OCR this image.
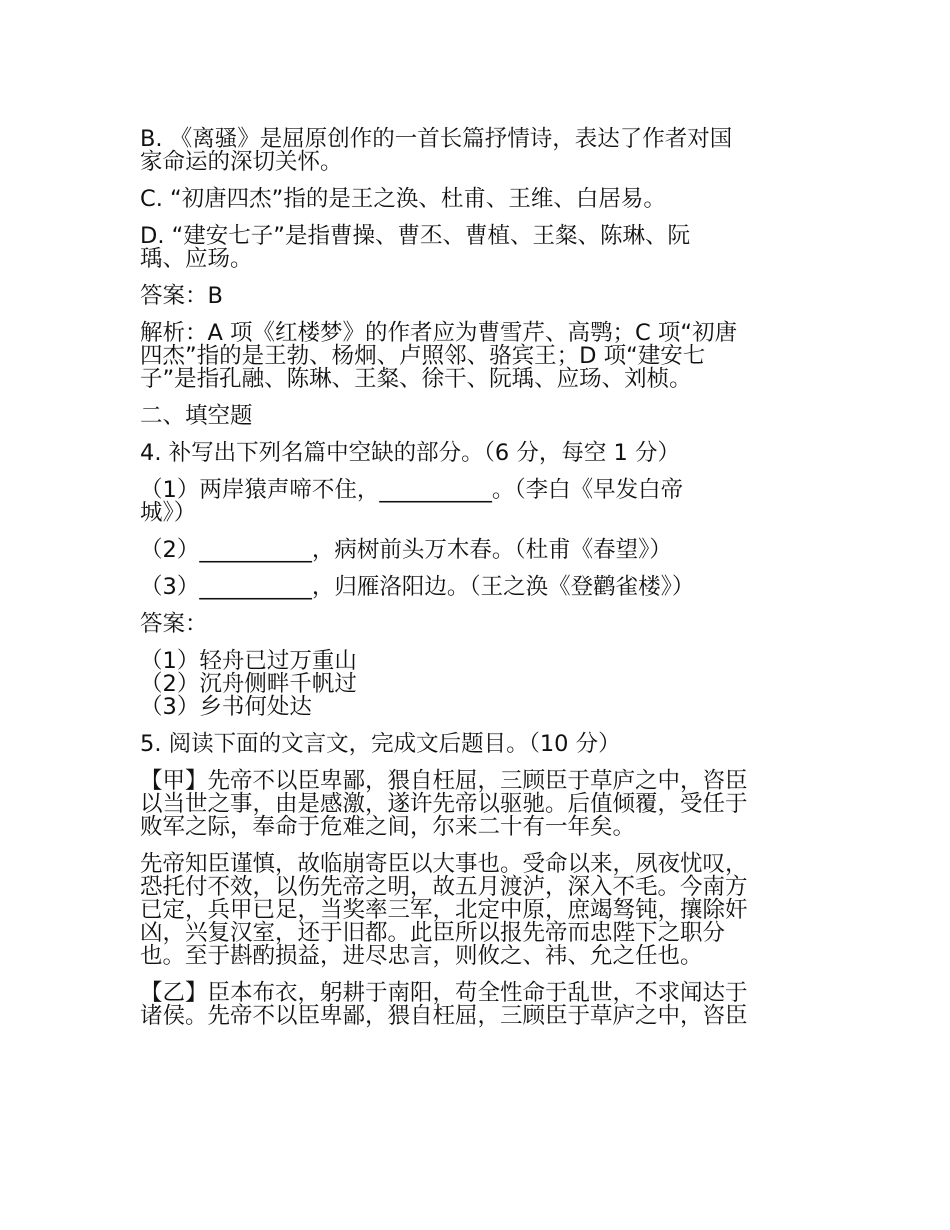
B. 《离骚》是屈原创作的一首长篇抒情诗，表达了作者对国
家命运的深切关怀。

C. “初唐四杰”指的是王之涣、杜甫、王维、白居易。

D. “建安七子”是指曹操、曹丕、曹植、王粲、陈琳、阮
瑀、应玚。

答案：B

解析：A 项《红楼梦》的作者应为曹雪芹、高鹗；C 项“初唐
四杰”指的是王勃、杨炯、卢照邻、骆宾王；D 项“建安七
子”是指孔融、陈琳、王粲、徐干、阮瑀、应玚、刘桢。

二、填空题

4. 补写出下列名篇中空缺的部分。（6 分，每空 1 分）

（1）两岸猿声啼不住，__________。（李白《早发白帝
城》）

（2）__________，病树前头万木春。（杜甫《春望》）

（3）__________，归雁洛阳边。（王之涣《登鹳雀楼》）

答案：

（1）轻舟已过万重山
（2）沉舟侧畔千帆过
（3）乡书何处达

5. 阅读下面的文言文，完成文后题目。（10 分）

【甲】先帝不以臣卑鄙，猥自枉屈，三顾臣于草庐之中，咨臣
以当世之事，由是感激，遂许先帝以驱驰。后值倾覆，受任于
败军之际，奉命于危难之间，尔来二十有一年矣。

先帝知臣谨慎，故临崩寄臣以大事也。受命以来，夙夜忧叹，
恐托付不效，以伤先帝之明，故五月渡泸，深入不毛。今南方
已定，兵甲已足，当奖率三军，北定中原，庶竭驽钝，攘除奸
凶，兴复汉室，还于旧都。此臣所以报先帝而忠陛下之职分
也。至于斟酌损益，进尽忠言，则攸之、祎、允之任也。

【乙】臣本布衣，躬耕于南阳，苟全性命于乱世，不求闻达于
诸侯。先帝不以臣卑鄙，猥自枉屈，三顾臣于草庐之中，咨臣
